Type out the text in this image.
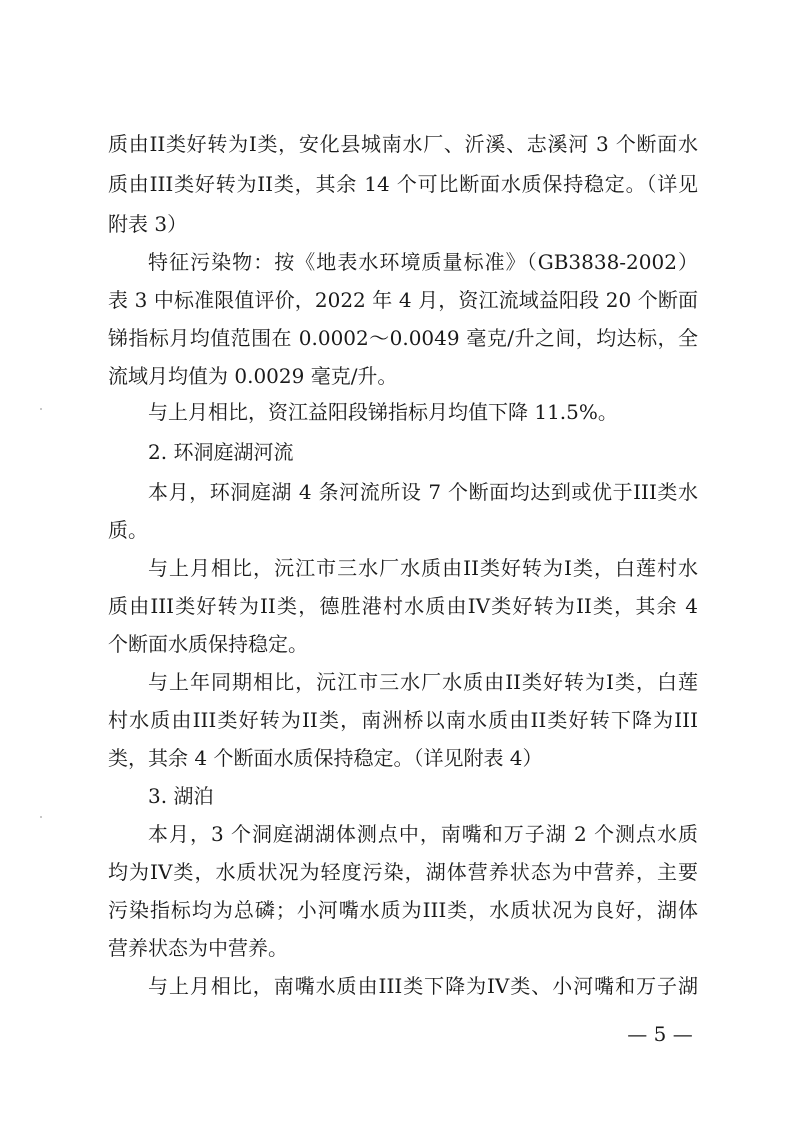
质由II类好转为I类，安化县城南水厂、沂溪、志溪河 3 个断面水
质由III类好转为II类，其余 14 个可比断面水质保持稳定。（详见
附表 3）
特征污染物：按《地表水环境质量标准》（GB3838-2002）
表 3 中标准限值评价，2022 年 4 月，资江流域益阳段 20 个断面
锑指标月均值范围在 0.0002～0.0049 毫克/升之间，均达标，全
流域月均值为 0.0029 毫克/升。
与上月相比，资江益阳段锑指标月均值下降 11.5%。
2. 环洞庭湖河流
本月，环洞庭湖 4 条河流所设 7 个断面均达到或优于III类水
质。
与上月相比，沅江市三水厂水质由II类好转为I类，白莲村水
质由III类好转为II类，德胜港村水质由IV类好转为II类，其余 4
个断面水质保持稳定。
与上年同期相比，沅江市三水厂水质由II类好转为I类，白莲
村水质由III类好转为II类，南洲桥以南水质由II类好转下降为III
类，其余 4 个断面水质保持稳定。（详见附表 4）
3. 湖泊
本月，3 个洞庭湖湖体测点中，南嘴和万子湖 2 个测点水质
均为IV类，水质状况为轻度污染，湖体营养状态为中营养，主要
污染指标均为总磷；小河嘴水质为III类，水质状况为良好，湖体
营养状态为中营养。
与上月相比，南嘴水质由III类下降为IV类、小河嘴和万子湖
— 5 —
